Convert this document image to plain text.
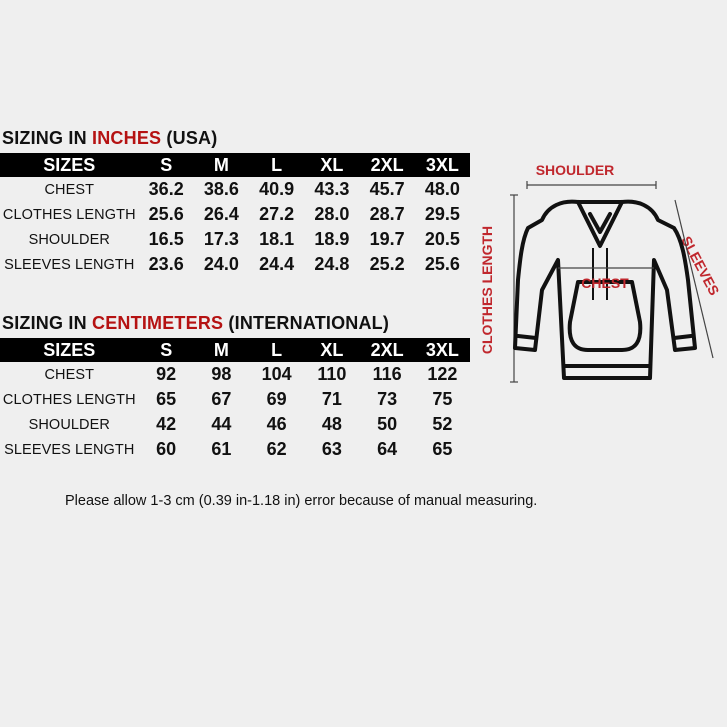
SIZING IN INCHES (USA)
SIZES	S	M	L	XL	2XL	3XL
CHEST	36.2	38.6	40.9	43.3	45.7	48.0
CLOTHES LENGTH	25.6	26.4	27.2	28.0	28.7	29.5
SHOULDER	16.5	17.3	18.1	18.9	19.7	20.5
SLEEVES LENGTH	23.6	24.0	24.4	24.8	25.2	25.6
SIZING IN CENTIMETERS (INTERNATIONAL)
SIZES	S	M	L	XL	2XL	3XL
CHEST	92	98	104	110	116	122
CLOTHES LENGTH	65	67	69	71	73	75
SHOULDER	42	44	46	48	50	52
SLEEVES LENGTH	60	61	62	63	64	65
SHOULDER
CLOTHES LENGTH	SLEEVES
CHEST
Please allow 1-3 cm (0.39 in-1.18 in) error because of manual measuring.
